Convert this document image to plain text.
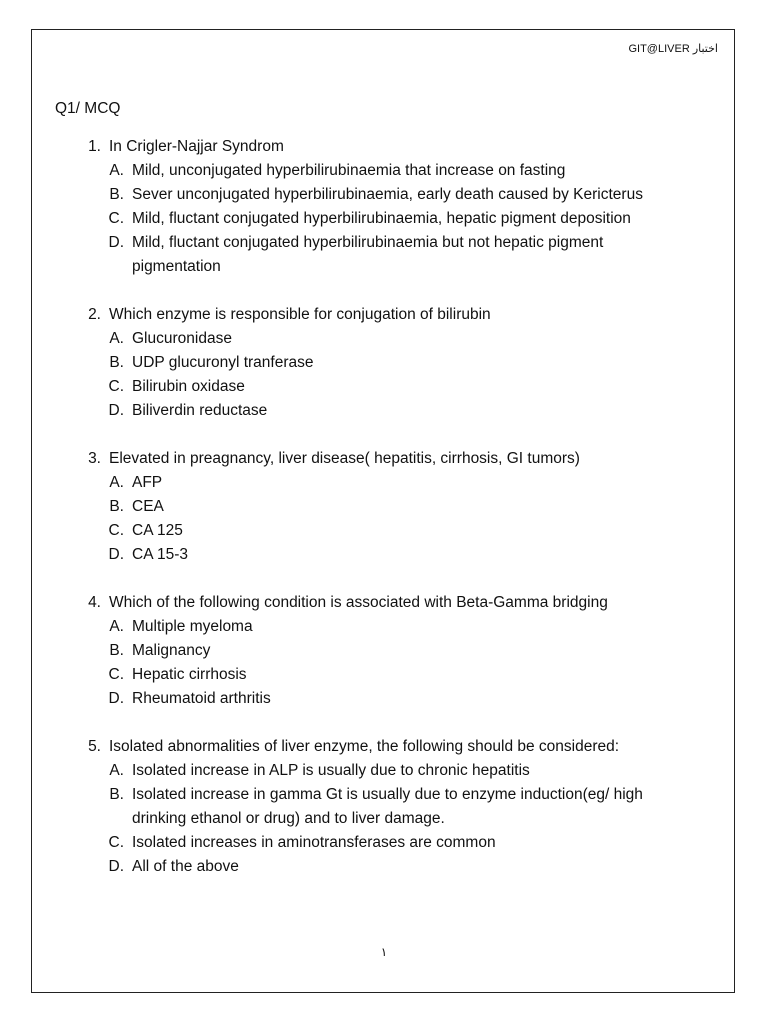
GIT@LIVER اختبار
Q1/ MCQ
1. In Crigler-Najjar Syndrom
A. Mild, unconjugated hyperbilirubinaemia that increase on fasting
B. Sever unconjugated hyperbilirubinaemia, early death caused by Kericterus
C. Mild, fluctant conjugated hyperbilirubinaemia, hepatic pigment deposition
D. Mild, fluctant conjugated hyperbilirubinaemia but not hepatic pigment pigmentation
2. Which enzyme is responsible for conjugation of bilirubin
A. Glucuronidase
B. UDP glucuronyl tranferase
C. Bilirubin oxidase
D. Biliverdin reductase
3. Elevated in preagnancy, liver disease( hepatitis, cirrhosis, GI tumors)
A. AFP
B. CEA
C. CA 125
D. CA 15-3
4. Which of the following condition is associated with Beta-Gamma bridging
A. Multiple myeloma
B. Malignancy
C. Hepatic cirrhosis
D. Rheumatoid arthritis
5. Isolated abnormalities of liver enzyme, the following should be considered:
A. Isolated increase in ALP is usually due to chronic hepatitis
B. Isolated increase in gamma Gt is usually due to enzyme induction(eg/ high drinking ethanol or drug) and to liver damage.
C. Isolated increases in aminotransferases are common
D. All of the above
١
